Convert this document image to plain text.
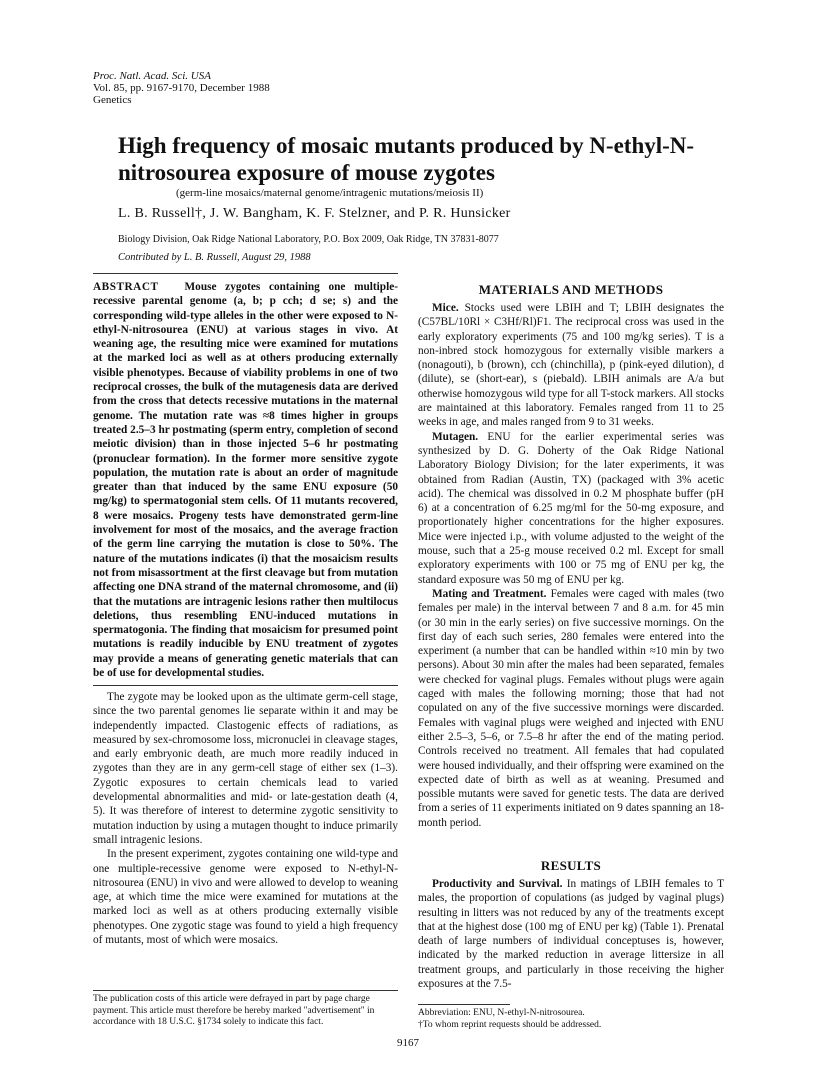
Proc. Natl. Acad. Sci. USA
Vol. 85, pp. 9167-9170, December 1988
Genetics
High frequency of mosaic mutants produced by N-ethyl-N-nitrosourea exposure of mouse zygotes
(germ-line mosaics/maternal genome/intragenic mutations/meiosis II)
L. B. Russell†, J. W. Bangham, K. F. Stelzner, and P. R. Hunsicker
Biology Division, Oak Ridge National Laboratory, P.O. Box 2009, Oak Ridge, TN 37831-8077
Contributed by L. B. Russell, August 29, 1988
ABSTRACT Mouse zygotes containing one multiple-recessive parental genome (a, b; p cch; d se; s) and the corresponding wild-type alleles in the other were exposed to N-ethyl-N-nitrosourea (ENU) at various stages in vivo. At weaning age, the resulting mice were examined for mutations at the marked loci as well as at others producing externally visible phenotypes. Because of viability problems in one of two reciprocal crosses, the bulk of the mutagenesis data are derived from the cross that detects recessive mutations in the maternal genome. The mutation rate was ≈8 times higher in groups treated 2.5–3 hr postmating (sperm entry, completion of second meiotic division) than in those injected 5–6 hr postmating (pronuclear formation). In the former more sensitive zygote population, the mutation rate is about an order of magnitude greater than that induced by the same ENU exposure (50 mg/kg) to spermatogonial stem cells. Of 11 mutants recovered, 8 were mosaics. Progeny tests have demonstrated germ-line involvement for most of the mosaics, and the average fraction of the germ line carrying the mutation is close to 50%. The nature of the mutations indicates (i) that the mosaicism results not from misassortment at the first cleavage but from mutation affecting one DNA strand of the maternal chromosome, and (ii) that the mutations are intragenic lesions rather then multilocus deletions, thus resembling ENU-induced mutations in spermatogonia. The finding that mosaicism for presumed point mutations is readily inducible by ENU treatment of zygotes may provide a means of generating genetic materials that can be of use for developmental studies.

The zygote may be looked upon as the ultimate germ-cell stage, since the two parental genomes lie separate within it and may be independently impacted. Clastogenic effects of radiations, as measured by sex-chromosome loss, micronuclei in cleavage stages, and early embryonic death, are much more readily induced in zygotes than they are in any germ-cell stage of either sex (1–3). Zygotic exposures to certain chemicals lead to varied developmental abnormalities and mid- or late-gestation death (4, 5). It was therefore of interest to determine zygotic sensitivity to mutation induction by using a mutagen thought to induce primarily small intragenic lesions.

In the present experiment, zygotes containing one wild-type and one multiple-recessive genome were exposed to N-ethyl-N-nitrosourea (ENU) in vivo and were allowed to develop to weaning age, at which time the mice were examined for mutations at the marked loci as well as at others producing externally visible phenotypes. One zygotic stage was found to yield a high frequency of mutants, most of which were mosaics.

MATERIALS AND METHODS

Mice. Stocks used were LBIH and T; LBIH designates the (C57BL/10Rl × C3Hf/Rl)F1. The reciprocal cross was used in the early exploratory experiments (75 and 100 mg/kg series). T is a non-inbred stock homozygous for externally visible markers a (nonagouti), b (brown), cch (chinchilla), p (pink-eyed dilution), d (dilute), se (short-ear), s (piebald). LBIH animals are A/a but otherwise homozygous wild type for all T-stock markers. All stocks are maintained at this laboratory. Females ranged from 11 to 25 weeks in age, and males ranged from 9 to 31 weeks.

Mutagen. ENU for the earlier experimental series was synthesized by D. G. Doherty of the Oak Ridge National Laboratory Biology Division; for the later experiments, it was obtained from Radian (Austin, TX) (packaged with 3% acetic acid). The chemical was dissolved in 0.2 M phosphate buffer (pH 6) at a concentration of 6.25 mg/ml for the 50-mg exposure, and proportionately higher concentrations for the higher exposures. Mice were injected i.p., with volume adjusted to the weight of the mouse, such that a 25-g mouse received 0.2 ml. Except for small exploratory experiments with 100 or 75 mg of ENU per kg, the standard exposure was 50 mg of ENU per kg.

Mating and Treatment. Females were caged with males (two females per male) in the interval between 7 and 8 a.m. for 45 min (or 30 min in the early series) on five successive mornings. On the first day of each such series, 280 females were entered into the experiment (a number that can be handled within ≈10 min by two persons). About 30 min after the males had been separated, females were checked for vaginal plugs. Females without plugs were again caged with males the following morning; those that had not copulated on any of the five successive mornings were discarded. Females with vaginal plugs were weighed and injected with ENU either 2.5–3, 5–6, or 7.5–8 hr after the end of the mating period. Controls received no treatment. All females that had copulated were housed individually, and their offspring were examined on the expected date of birth as well as at weaning. Presumed and possible mutants were saved for genetic tests. The data are derived from a series of 11 experiments initiated on 9 dates spanning an 18-month period.

RESULTS

Productivity and Survival. In matings of LBIH females to T males, the proportion of copulations (as judged by vaginal plugs) resulting in litters was not reduced by any of the treatments except that at the highest dose (100 mg of ENU per kg) (Table 1). Prenatal death of large numbers of individual conceptuses is, however, indicated by the marked reduction in average littersize in all treatment groups, and particularly in those receiving the higher exposures at the 7.5-

The publication costs of this article were defrayed in part by page charge payment. This article must therefore be hereby marked "advertisement" in accordance with 18 U.S.C. §1734 solely to indicate this fact.
Abbreviation: ENU, N-ethyl-N-nitrosourea.
†To whom reprint requests should be addressed.
9167
